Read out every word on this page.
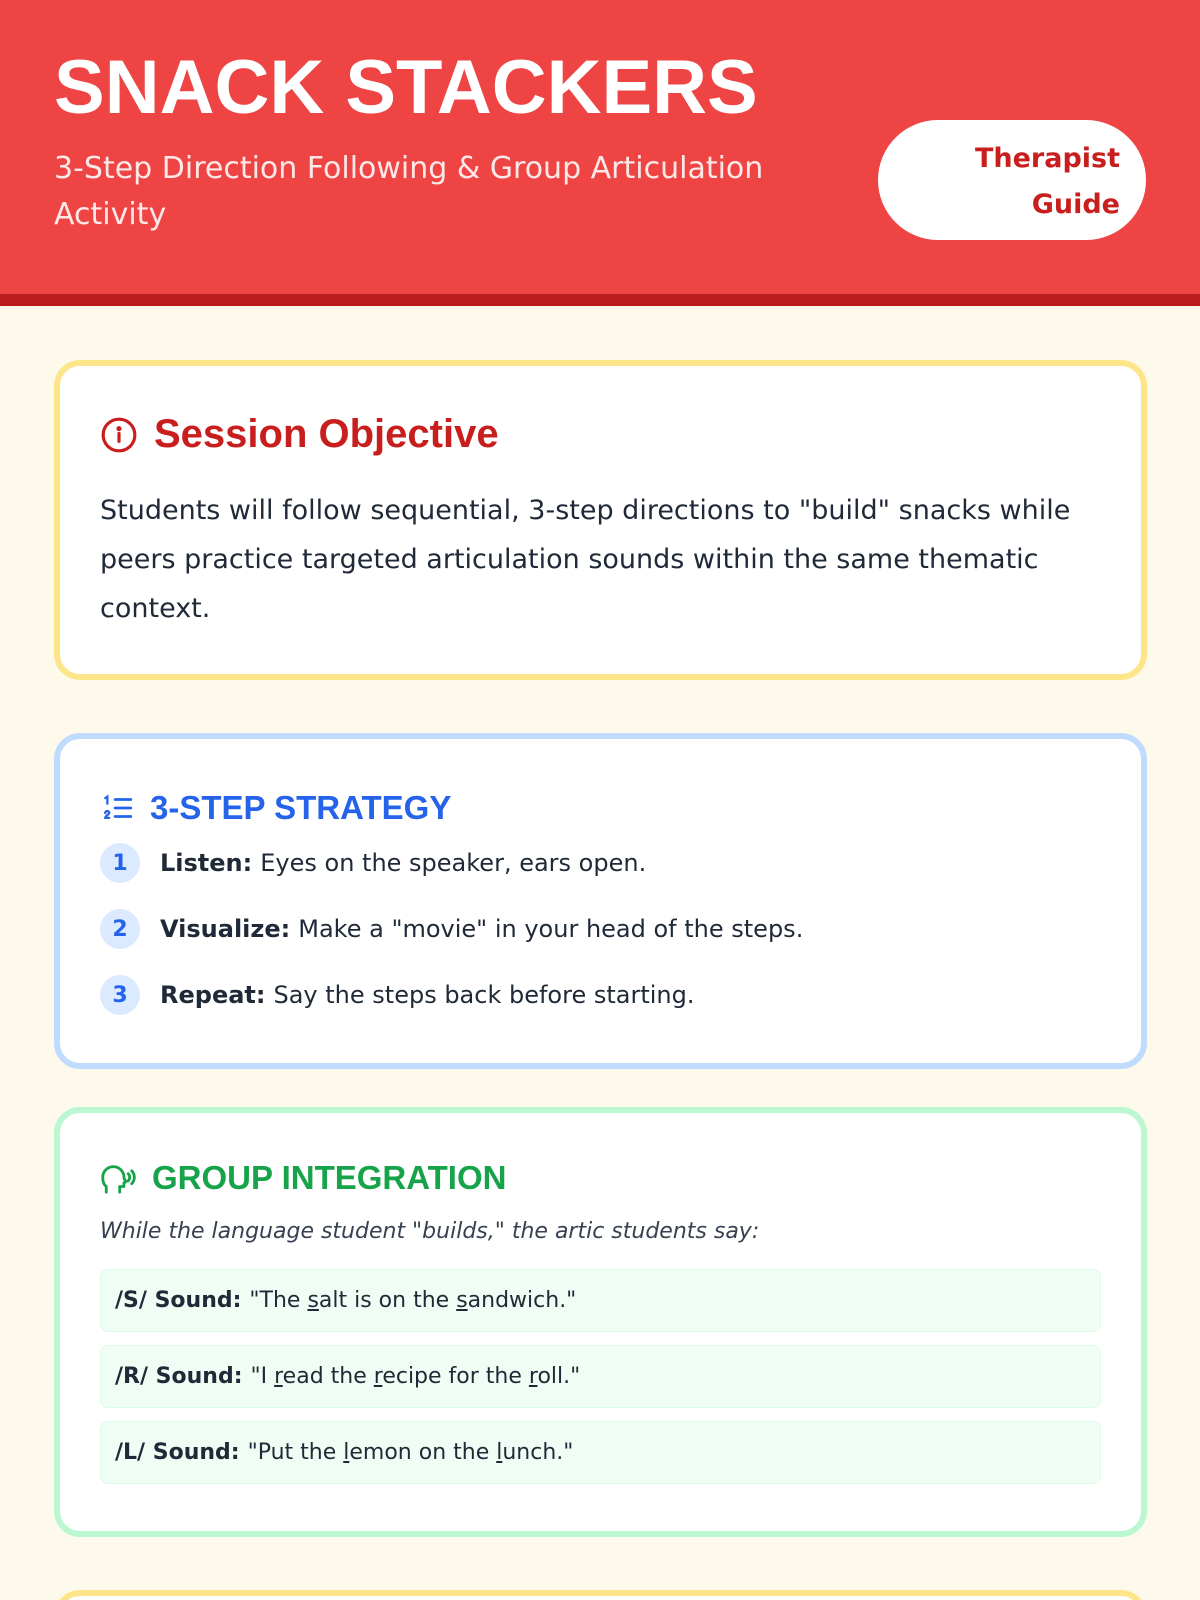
SNACK STACKERS
3-Step Direction Following & Group Articulation Activity
Therapist
Guide
Session Objective
Students will follow sequential, 3-step directions to "build" snacks while peers practice targeted articulation sounds within the same thematic context.
3-STEP STRATEGY
1	Listen: Eyes on the speaker, ears open.
2	Visualize: Make a "movie" in your head of the steps.
3	Repeat: Say the steps back before starting.
GROUP INTEGRATION
While the language student "builds," the artic students say:
/S/ Sound: "The salt is on the sandwich."
/R/ Sound: "I read the recipe for the roll."
/L/ Sound: "Put the lemon on the lunch."
